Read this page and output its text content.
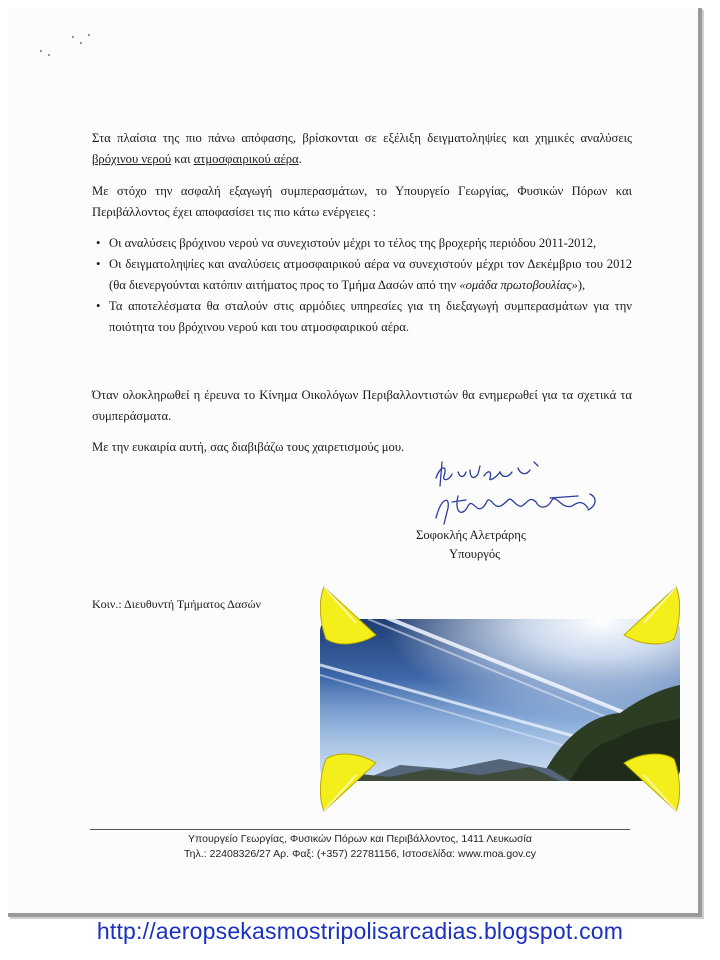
Στα πλαίσια της πιο πάνω απόφασης, βρίσκονται σε εξέλιξη δειγματοληψίες και χημικές αναλύσεις βρόχινου νερού και ατμοσφαιρικού αέρα.
Με στόχο την ασφαλή εξαγωγή συμπερασμάτων, το Υπουργείο Γεωργίας, Φυσικών Πόρων και Περιβάλλοντος έχει αποφασίσει τις πιο κάτω ενέργειες :
• Οι αναλύσεις βρόχινου νερού να συνεχιστούν μέχρι το τέλος της βροχερής περιόδου 2011-2012,
• Οι δειγματοληψίες και αναλύσεις ατμοσφαιρικού αέρα να συνεχιστούν μέχρι τον Δεκέμβριο του 2012 (θα διενεργούνται κατόπιν αιτήματος προς το Τμήμα Δασών από την «ομάδα πρωτοβουλίας»),
• Τα αποτελέσματα θα σταλούν στις αρμόδιες υπηρεσίες για τη διεξαγωγή συμπερασμάτων για την ποιότητα του βρόχινου νερού και του ατμοσφαιρικού αέρα.
Όταν ολοκληρωθεί η έρευνα το Κίνημα Οικολόγων Περιβαλλοντιστών θα ενημερωθεί για τα σχετικά τα συμπεράσματα.
Με την ευκαιρία αυτή, σας διαβιβάζω τους χαιρετισμούς μου.
Σοφοκλής Αλετράρης
Υπουργός
Κοιν.: Διευθυντή Τμήματος Δασών
Υπουργείο Γεωργίας, Φυσικών Πόρων και Περιβάλλοντος, 1411 Λευκωσία
Τηλ.: 22408326/27 Αρ. Φαξ: (+357) 22781156, Ιστοσελίδα: www.moa.gov.cy
http://aeropsekasmostripolisarcadias.blogspot.com
